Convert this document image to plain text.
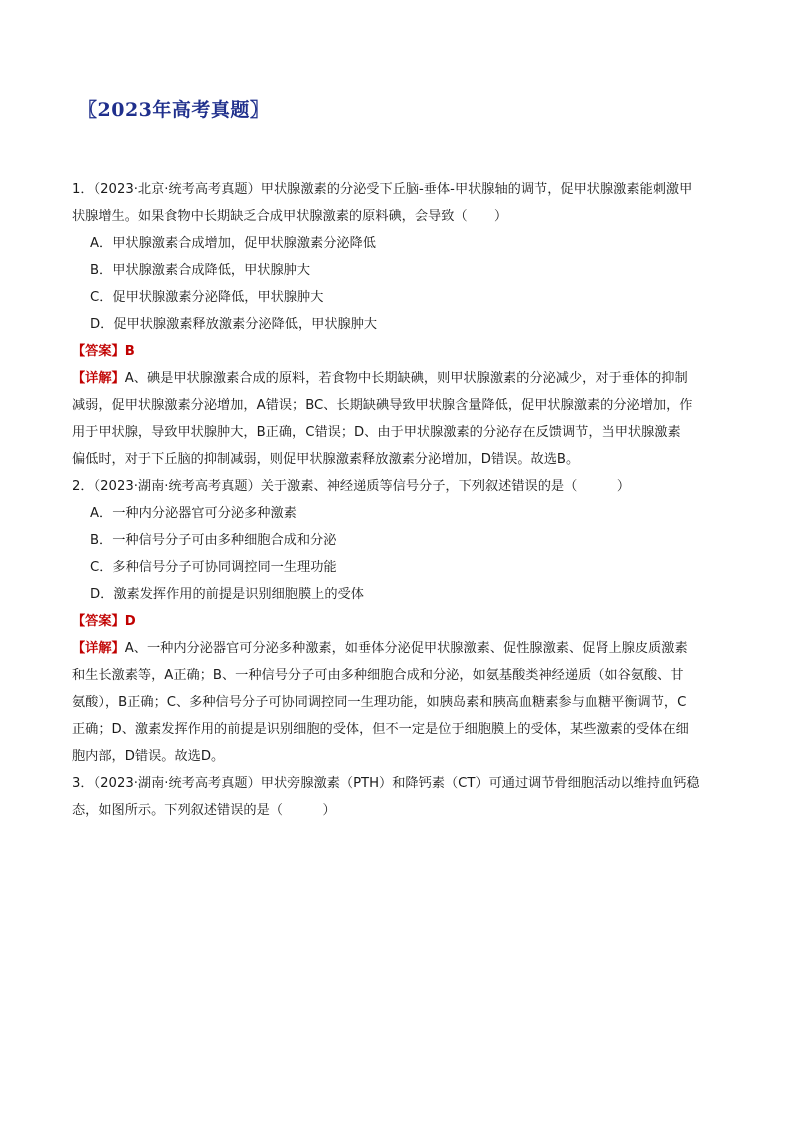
〖2023年高考真题〗
1．（2023·北京·统考高考真题）甲状腺激素的分泌受下丘脑-垂体-甲状腺轴的调节，促甲状腺激素能刺激甲
状腺增生。如果食物中长期缺乏合成甲状腺激素的原料碘，会导致（　　）
A．甲状腺激素合成增加，促甲状腺激素分泌降低
B．甲状腺激素合成降低，甲状腺肿大
C．促甲状腺激素分泌降低，甲状腺肿大
D．促甲状腺激素释放激素分泌降低，甲状腺肿大
【答案】B
【详解】A、碘是甲状腺激素合成的原料，若食物中长期缺碘，则甲状腺激素的分泌减少，对于垂体的抑制
减弱，促甲状腺激素分泌增加，A错误；BC、长期缺碘导致甲状腺含量降低，促甲状腺激素的分泌增加，作
用于甲状腺，导致甲状腺肿大，B正确，C错误；D、由于甲状腺激素的分泌存在反馈调节，当甲状腺激素
偏低时，对于下丘脑的抑制减弱，则促甲状腺激素释放激素分泌增加，D错误。故选B。
2．（2023·湖南·统考高考真题）关于激素、神经递质等信号分子，下列叙述错误的是（　　　）
A．一种内分泌器官可分泌多种激素
B．一种信号分子可由多种细胞合成和分泌
C．多种信号分子可协同调控同一生理功能
D．激素发挥作用的前提是识别细胞膜上的受体
【答案】D
【详解】A、一种内分泌器官可分泌多种激素，如垂体分泌促甲状腺激素、促性腺激素、促肾上腺皮质激素
和生长激素等，A正确；B、一种信号分子可由多种细胞合成和分泌，如氨基酸类神经递质（如谷氨酸、甘
氨酸），B正确；C、多种信号分子可协同调控同一生理功能，如胰岛素和胰高血糖素参与血糖平衡调节，C
正确；D、激素发挥作用的前提是识别细胞的受体，但不一定是位于细胞膜上的受体，某些激素的受体在细
胞内部，D错误。故选D。
3．（2023·湖南·统考高考真题）甲状旁腺激素（PTH）和降钙素（CT）可通过调节骨细胞活动以维持血钙稳
态，如图所示。下列叙述错误的是（　　　）
